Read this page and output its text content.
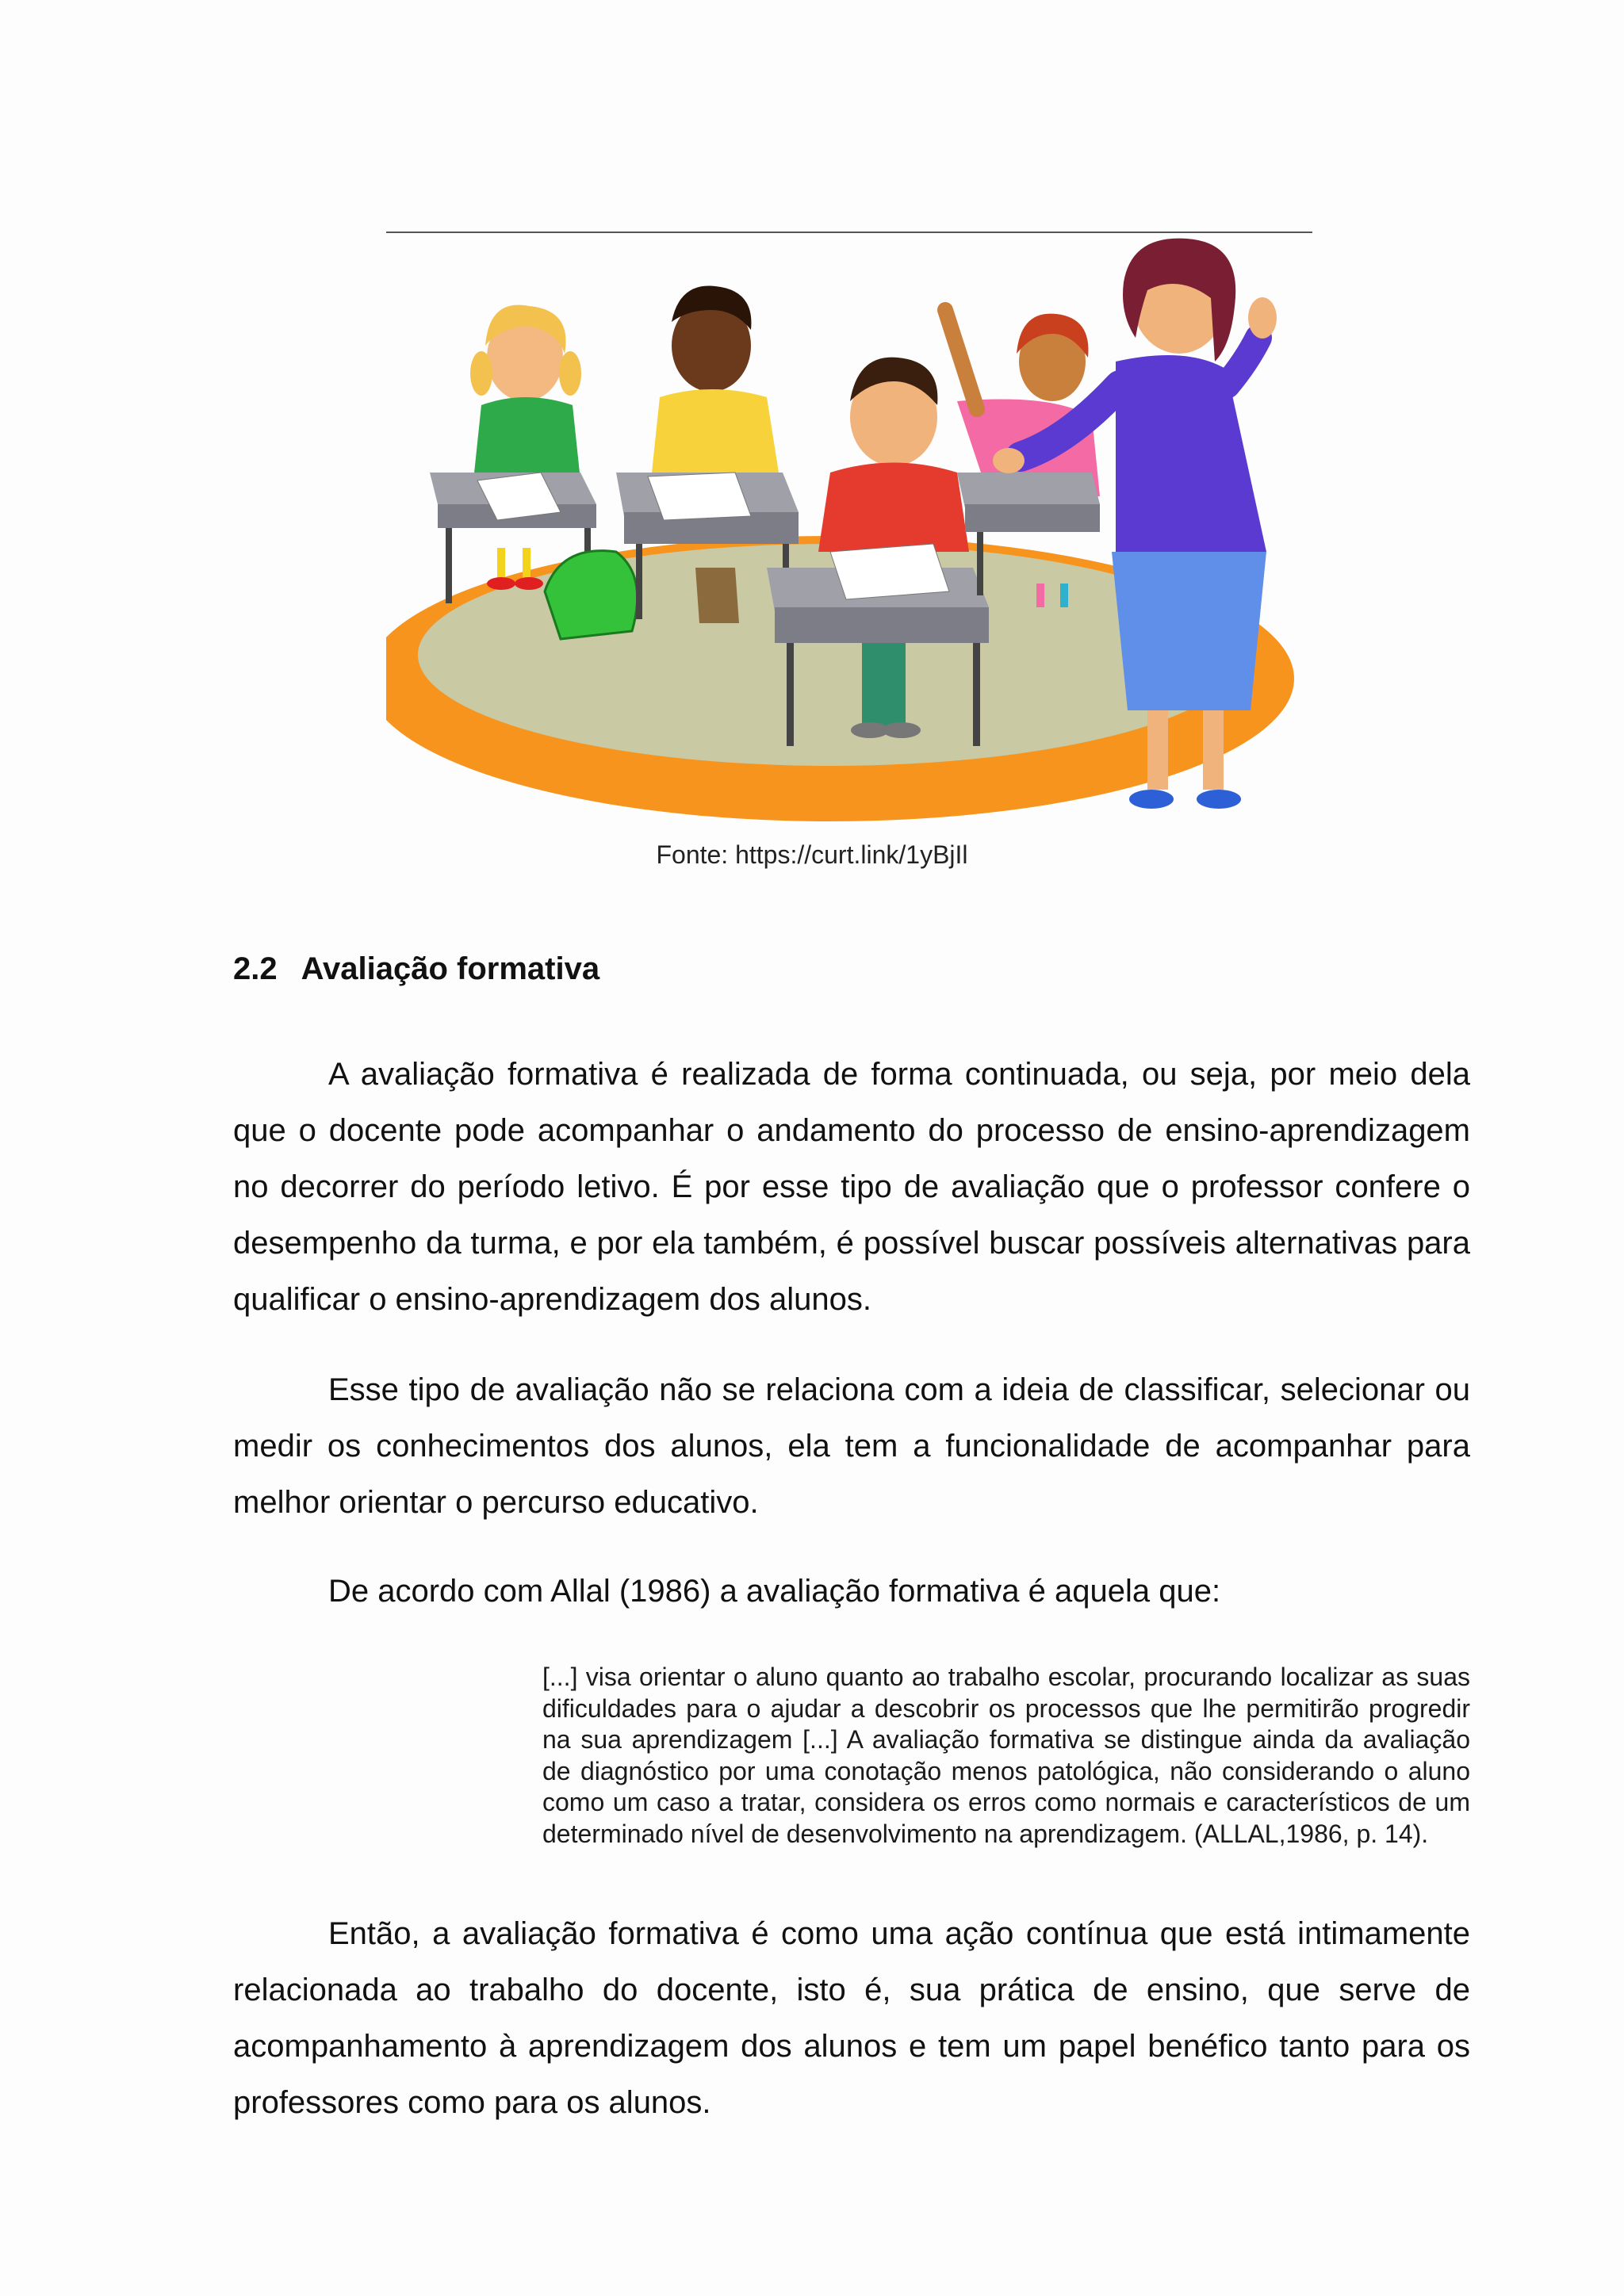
Fonte: https://curt.link/1yBjIl
2.2 Avaliação formativa

A avaliação formativa é realizada de forma continuada, ou seja, por meio dela que o docente pode acompanhar o andamento do processo de ensino-aprendizagem no decorrer do período letivo. É por esse tipo de avaliação que o professor confere o desempenho da turma, e por ela também, é possível buscar possíveis alternativas para qualificar o ensino-aprendizagem dos alunos.

Esse tipo de avaliação não se relaciona com a ideia de classificar, selecionar ou medir os conhecimentos dos alunos, ela tem a funcionalidade de acompanhar para melhor orientar o percurso educativo.

De acordo com Allal (1986) a avaliação formativa é aquela que:

[...] visa orientar o aluno quanto ao trabalho escolar, procurando localizar as suas dificuldades para o ajudar a descobrir os processos que lhe permitirão progredir na sua aprendizagem [...] A avaliação formativa se distingue ainda da avaliação de diagnóstico por uma conotação menos patológica, não considerando o aluno como um caso a tratar, considera os erros como normais e característicos de um determinado nível de desenvolvimento na aprendizagem. (ALLAL,1986, p. 14).

Então, a avaliação formativa é como uma ação contínua que está intimamente relacionada ao trabalho do docente, isto é, sua prática de ensino, que serve de acompanhamento à aprendizagem dos alunos e tem um papel benéfico tanto para os professores como para os alunos.
